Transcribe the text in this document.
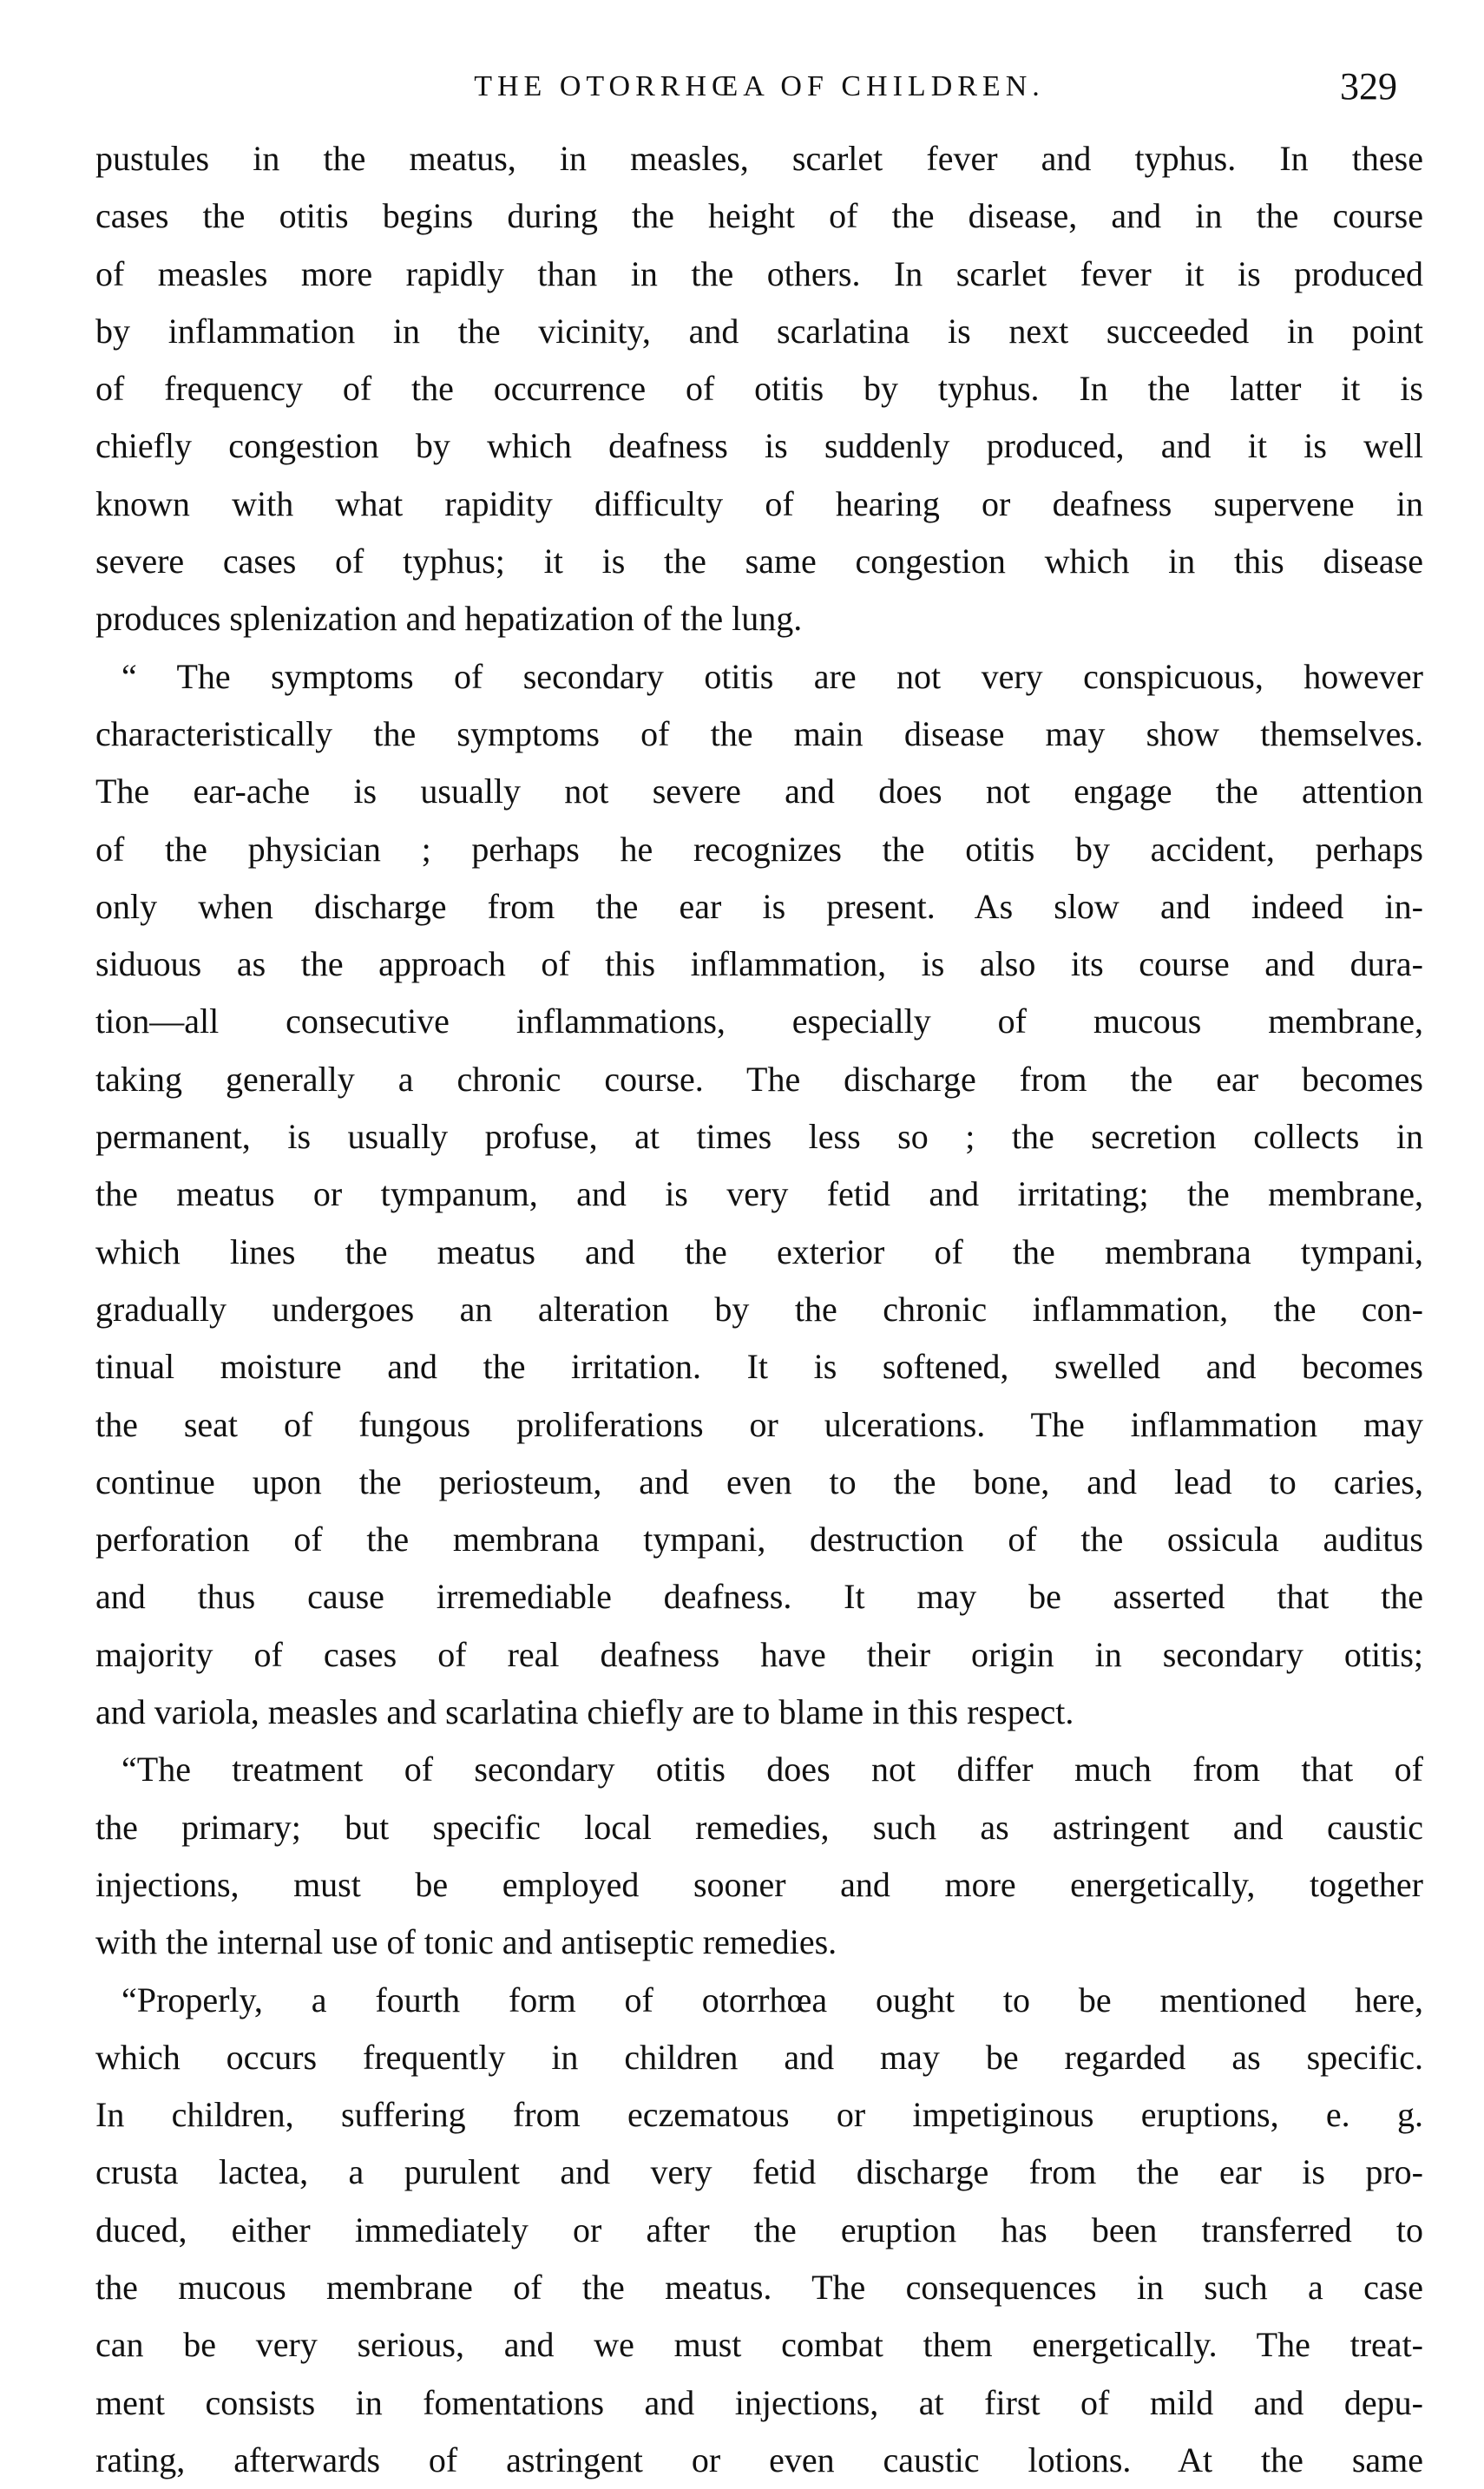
THE OTORRHŒA OF CHILDREN.	329
pustules in the meatus, in measles, scarlet fever and typhus. In these
cases the otitis begins during the height of the disease, and in the course
of measles more rapidly than in the others. In scarlet fever it is produced
by inflammation in the vicinity, and scarlatina is next succeeded in point
of frequency of the occurrence of otitis by typhus. In the latter it is
chiefly congestion by which deafness is suddenly produced, and it is well
known with what rapidity difficulty of hearing or deafness supervene in
severe cases of typhus; it is the same congestion which in this disease
produces splenization and hepatization of the lung.
“ The symptoms of secondary otitis are not very conspicuous, however
characteristically the symptoms of the main disease may show themselves.
The ear-ache is usually not severe and does not engage the attention
of the physician ; perhaps he recognizes the otitis by accident, perhaps
only when discharge from the ear is present. As slow and indeed in-
siduous as the approach of this inflammation, is also its course and dura-
tion—all consecutive inflammations, especially of mucous membrane,
taking generally a chronic course. The discharge from the ear becomes
permanent, is usually profuse, at times less so ; the secretion collects in
the meatus or tympanum, and is very fetid and irritating; the membrane,
which lines the meatus and the exterior of the membrana tympani,
gradually undergoes an alteration by the chronic inflammation, the con-
tinual moisture and the irritation. It is softened, swelled and becomes
the seat of fungous proliferations or ulcerations. The inflammation may
continue upon the periosteum, and even to the bone, and lead to caries,
perforation of the membrana tympani, destruction of the ossicula auditus
and thus cause irremediable deafness. It may be asserted that the
majority of cases of real deafness have their origin in secondary otitis;
and variola, measles and scarlatina chiefly are to blame in this respect.
“The treatment of secondary otitis does not differ much from that of
the primary; but specific local remedies, such as astringent and caustic
injections, must be employed sooner and more energetically, together
with the internal use of tonic and antiseptic remedies.
“Properly, a fourth form of otorrhœa ought to be mentioned here,
which occurs frequently in children and may be regarded as specific.
In children, suffering from eczematous or impetiginous eruptions, e. g.
crusta lactea, a purulent and very fetid discharge from the ear is pro-
duced, either immediately or after the eruption has been transferred to
the mucous membrane of the meatus. The consequences in such a case
can be very serious, and we must combat them energetically. The treat-
ment consists in fomentations and injections, at first of mild and depu-
rating, afterwards of astringent or even caustic lotions. At the same
